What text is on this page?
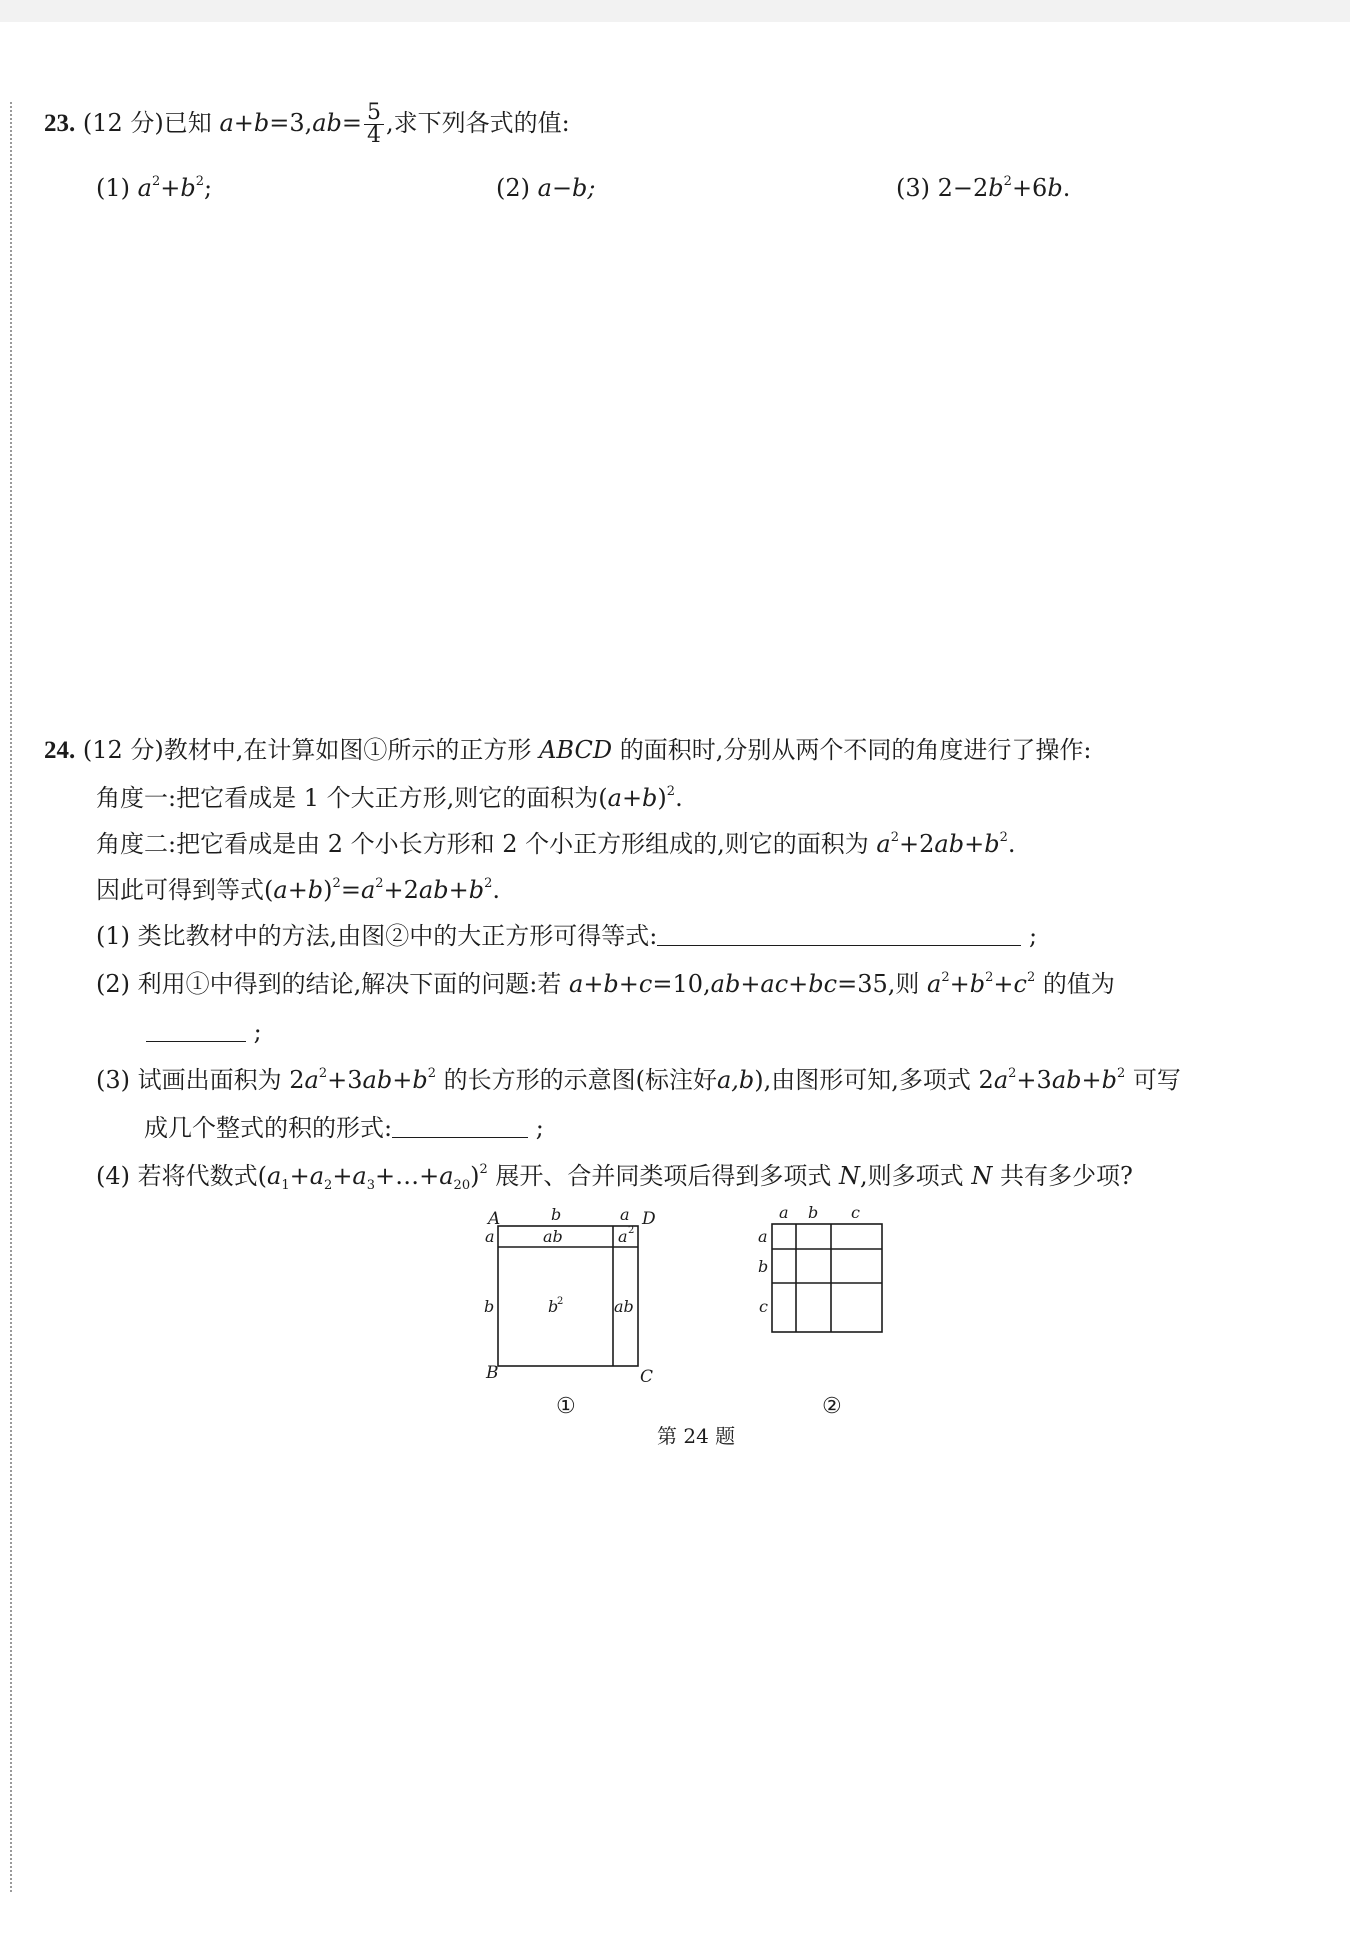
23. (12 分)已知 $a+b=3,ab= \frac{5}{4}$ ,求下列各式的值:
(1) $a^2+b^2$;	(2) a−b;	(3) $2-2b^2+6b$.
24. (12 分)教材中,在计算如图①所示的正方形 ABCD 的面积时,分别从两个不同的角度进行了操作:
角度一:把它看成是 1 个大正方形,则它的面积为$(a+b)^2$.
角度二:把它看成是由 2 个小长方形和 2 个小正方形组成的,则它的面积为 $a^2+2ab+b^2$.
因此可得到等式$(a+b)^2=a^2+2ab+b^2$.
(1) 类比教材中的方法,由图②中的大正方形可得等式:	;
(2) 利用①中得到的结论,解决下面的问题:若 a+b+c=10,ab+ac+bc=35,则 $a^2+b^2+c^2$ 的值为
;
(3) 试画出面积为 $2a^2+3ab+b^2$ 的长方形的示意图(标注好a,b),由图形可知,多项式 $2a^2+3ab+b^2$ 可写
成几个整式的积的形式:	;
(4) 若将代数式$(a_1+a_2+a_3+\dots+a_{20})^2$ 展开、合并同类项后得到多项式 N,则多项式 N 共有多少项?
A	D
B	C
b	a
a
b
ab	a 2
b
2	ab
a b c
a
b
c
①	②
第 24 题
